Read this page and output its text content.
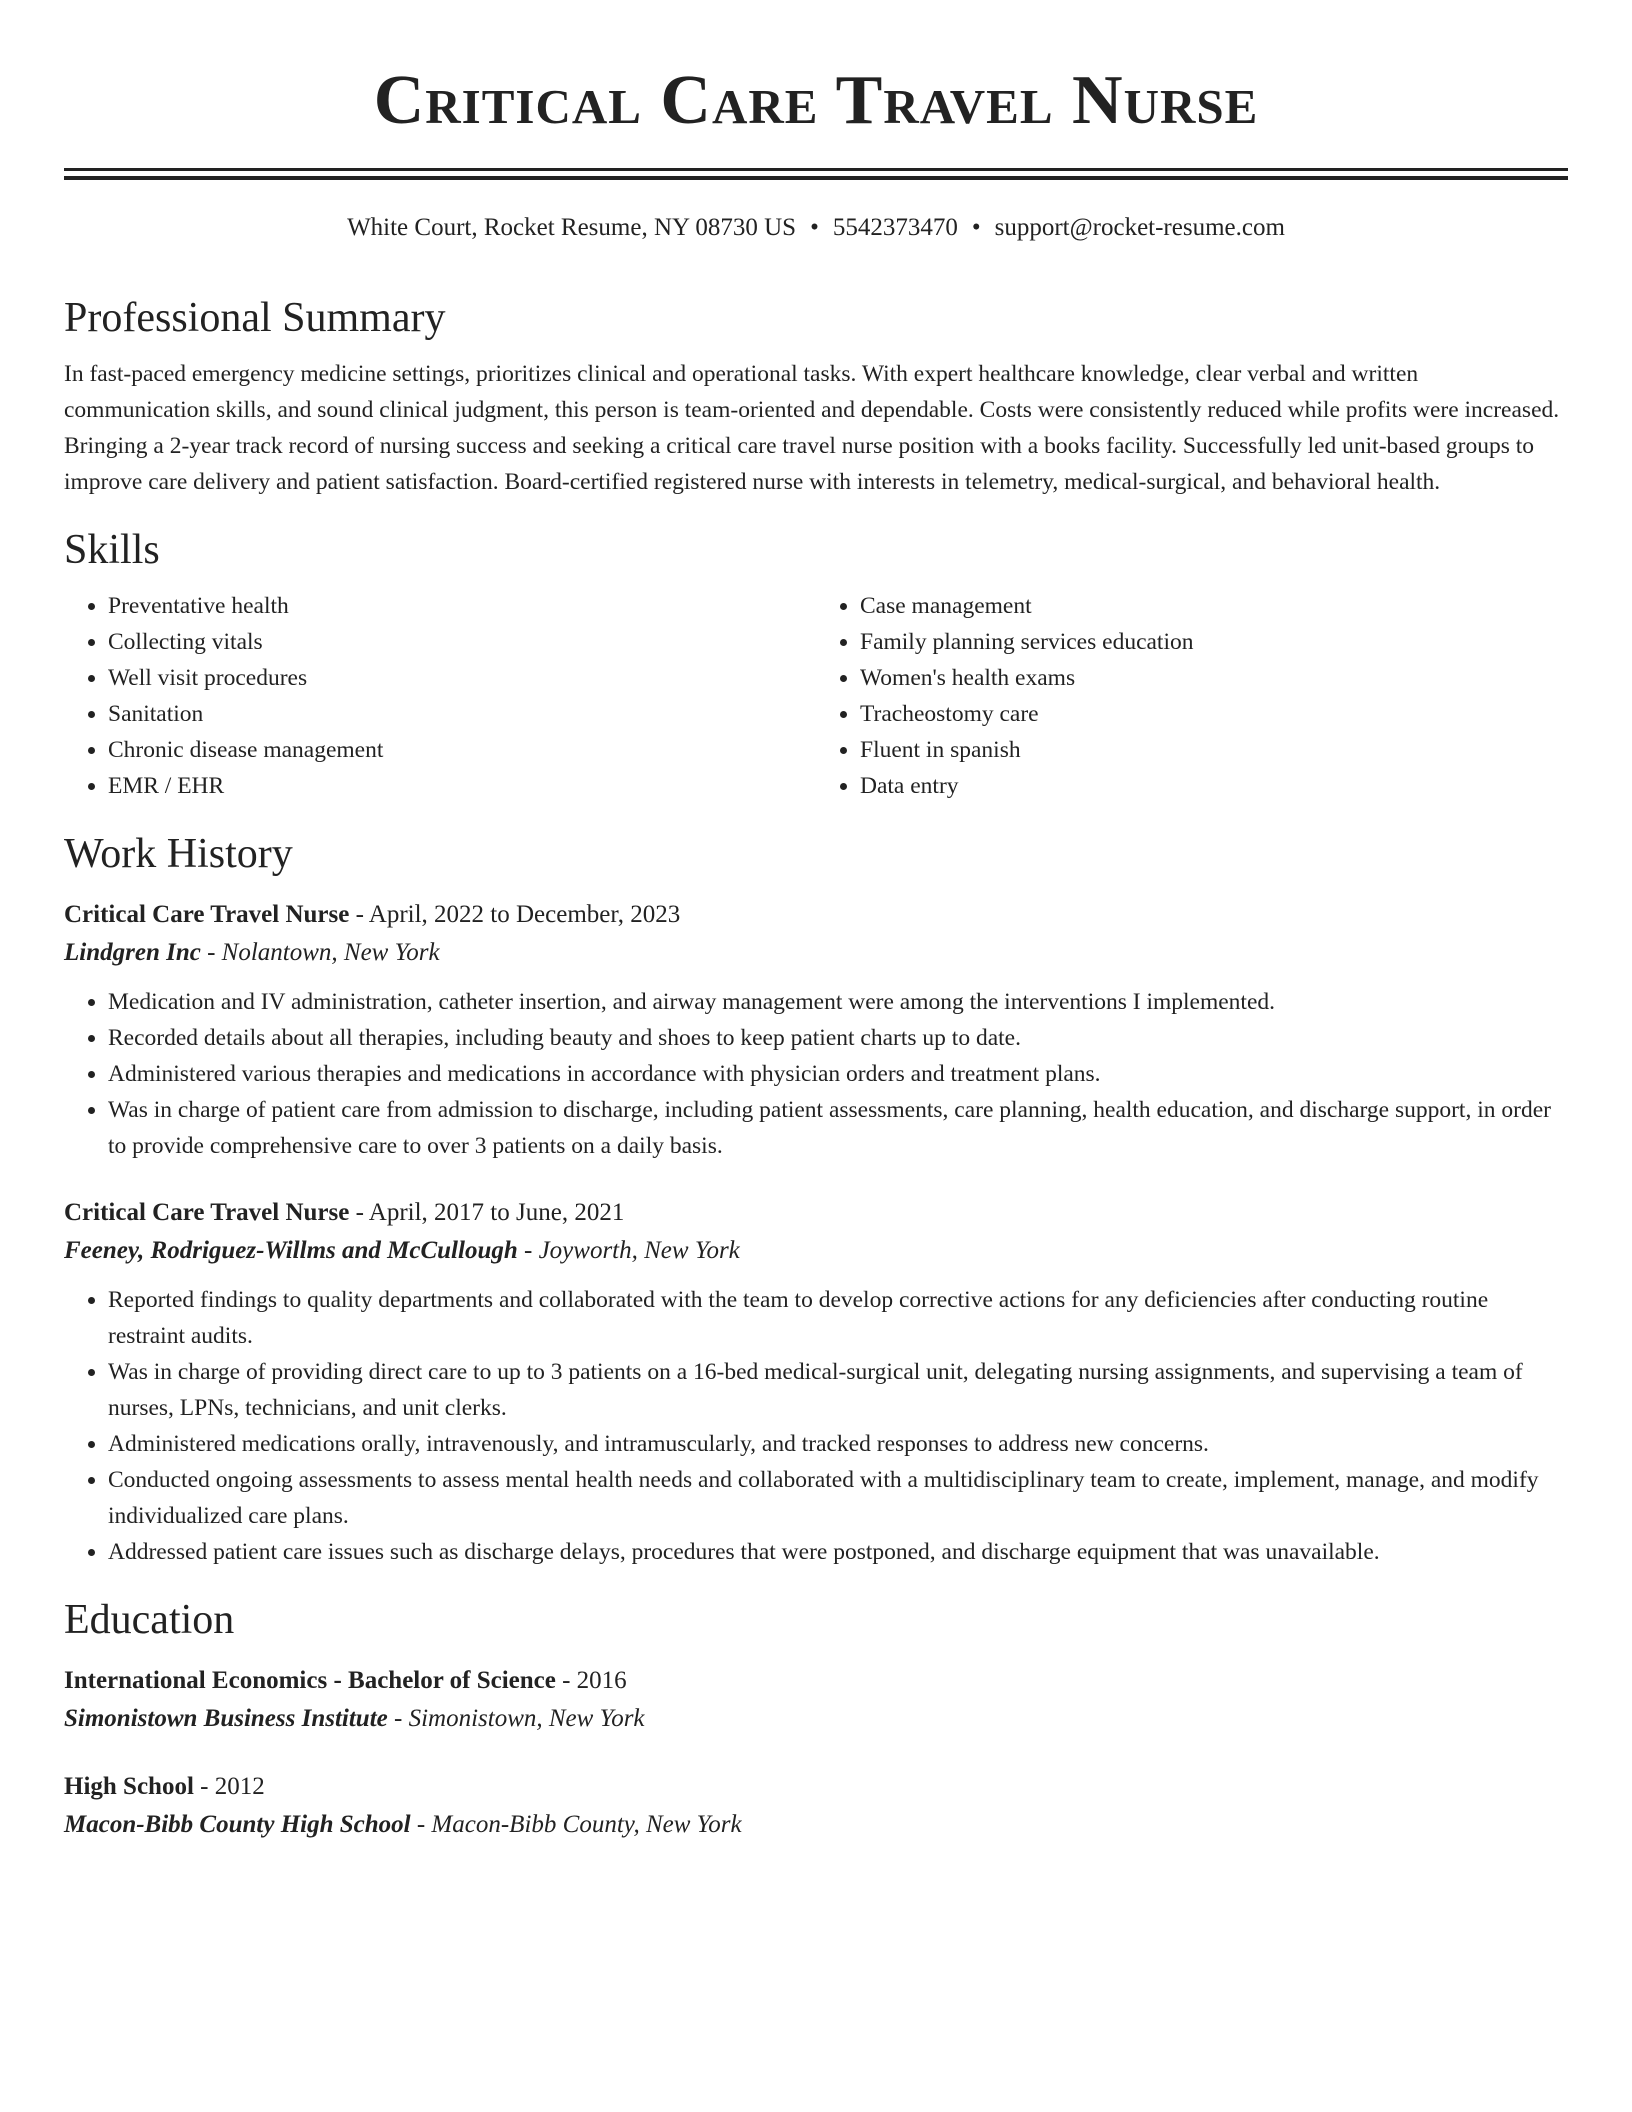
Critical Care Travel Nurse
White Court, Rocket Resume, NY 08730 US • 5542373470 • support@rocket-resume.com
Professional Summary

In fast-paced emergency medicine settings, prioritizes clinical and operational tasks. With expert healthcare knowledge, clear verbal and written communication skills, and sound clinical judgment, this person is team-oriented and dependable. Costs were consistently reduced while profits were increased. Bringing a 2-year track record of nursing success and seeking a critical care travel nurse position with a books facility. Successfully led unit-based groups to improve care delivery and patient satisfaction. Board-certified registered nurse with interests in telemetry, medical-surgical, and behavioral health.

Skills
• Preventative health
• Collecting vitals
• Well visit procedures
• Sanitation
• Chronic disease management
• EMR / EHR
• Case management
• Family planning services education
• Women's health exams
• Tracheostomy care
• Fluent in spanish
• Data entry
Work History
Critical Care Travel Nurse - April, 2022 to December, 2023
Lindgren Inc - Nolantown, New York
• Medication and IV administration, catheter insertion, and airway management were among the interventions I implemented.
• Recorded details about all therapies, including beauty and shoes to keep patient charts up to date.
• Administered various therapies and medications in accordance with physician orders and treatment plans.
• Was in charge of patient care from admission to discharge, including patient assessments, care planning, health education, and discharge support, in order to provide comprehensive care to over 3 patients on a daily basis.
Critical Care Travel Nurse - April, 2017 to June, 2021
Feeney, Rodriguez-Willms and McCullough - Joyworth, New York
• Reported findings to quality departments and collaborated with the team to develop corrective actions for any deficiencies after conducting routine restraint audits.
• Was in charge of providing direct care to up to 3 patients on a 16-bed medical-surgical unit, delegating nursing assignments, and supervising a team of nurses, LPNs, technicians, and unit clerks.
• Administered medications orally, intravenously, and intramuscularly, and tracked responses to address new concerns.
• Conducted ongoing assessments to assess mental health needs and collaborated with a multidisciplinary team to create, implement, manage, and modify individualized care plans.
• Addressed patient care issues such as discharge delays, procedures that were postponed, and discharge equipment that was unavailable.
Education
International Economics - Bachelor of Science - 2016
Simonistown Business Institute - Simonistown, New York
High School - 2012
Macon-Bibb County High School - Macon-Bibb County, New York
